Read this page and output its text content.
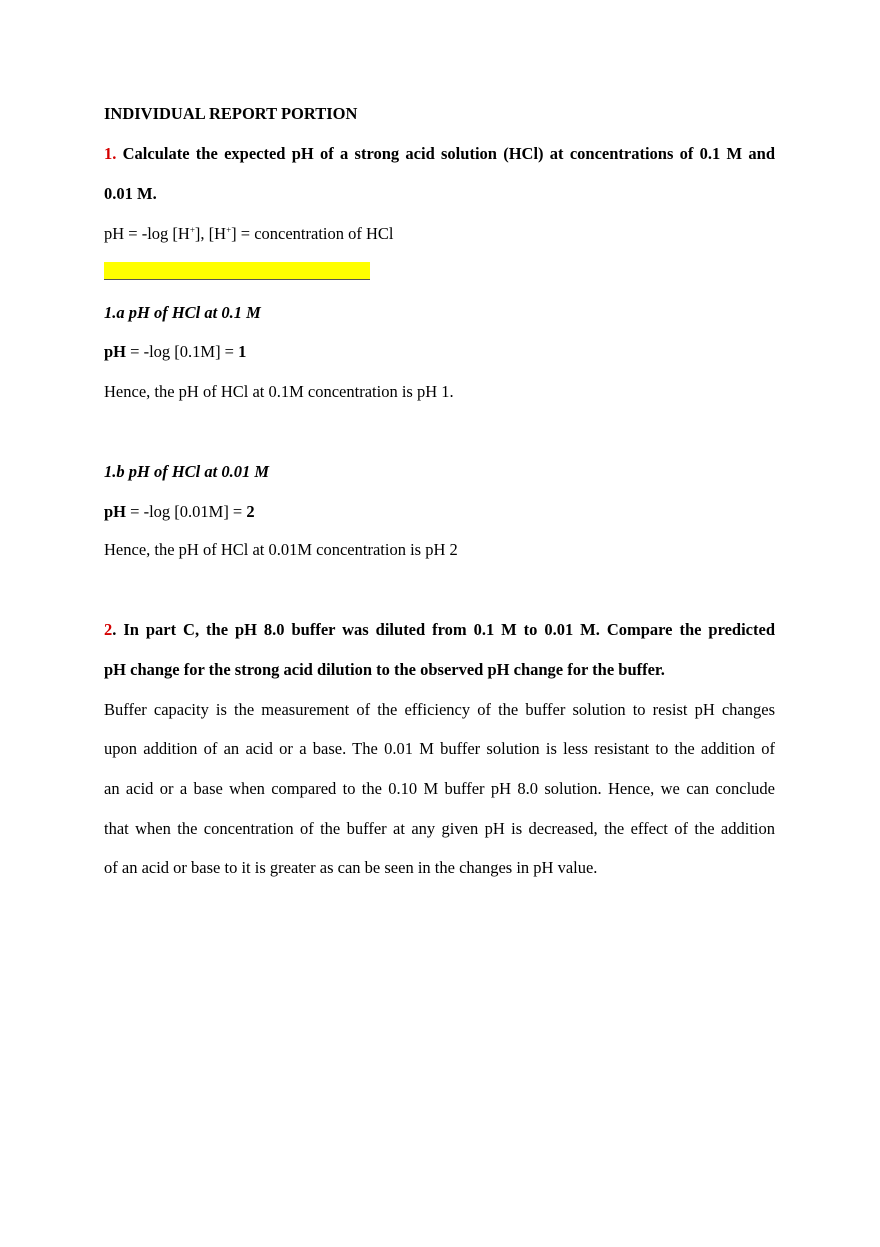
INDIVIDUAL REPORT PORTION
1. Calculate the expected pH of a strong acid solution (HCl) at concentrations of 0.1 M and
0.01 M.
pH = -log [H+], [H+] = concentration of HCl
1.a pH of HCl at 0.1 M
pH = -log [0.1M] = 1
Hence, the pH of HCl at 0.1M concentration is pH 1.
1.b pH of HCl at 0.01 M
pH = -log [0.01M] = 2
Hence, the pH of HCl at 0.01M concentration is pH 2
2. In part C, the pH 8.0 buffer was diluted from 0.1 M to 0.01 M. Compare the predicted
pH change for the strong acid dilution to the observed pH change for the buffer.
Buffer capacity is the measurement of the efficiency of the buffer solution to resist pH changes
upon addition of an acid or a base. The 0.01 M buffer solution is less resistant to the addition of
an acid or a base when compared to the 0.10 M buffer pH 8.0 solution. Hence, we can conclude
that when the concentration of the buffer at any given pH is decreased, the effect of the addition
of an acid or base to it is greater as can be seen in the changes in pH value.
